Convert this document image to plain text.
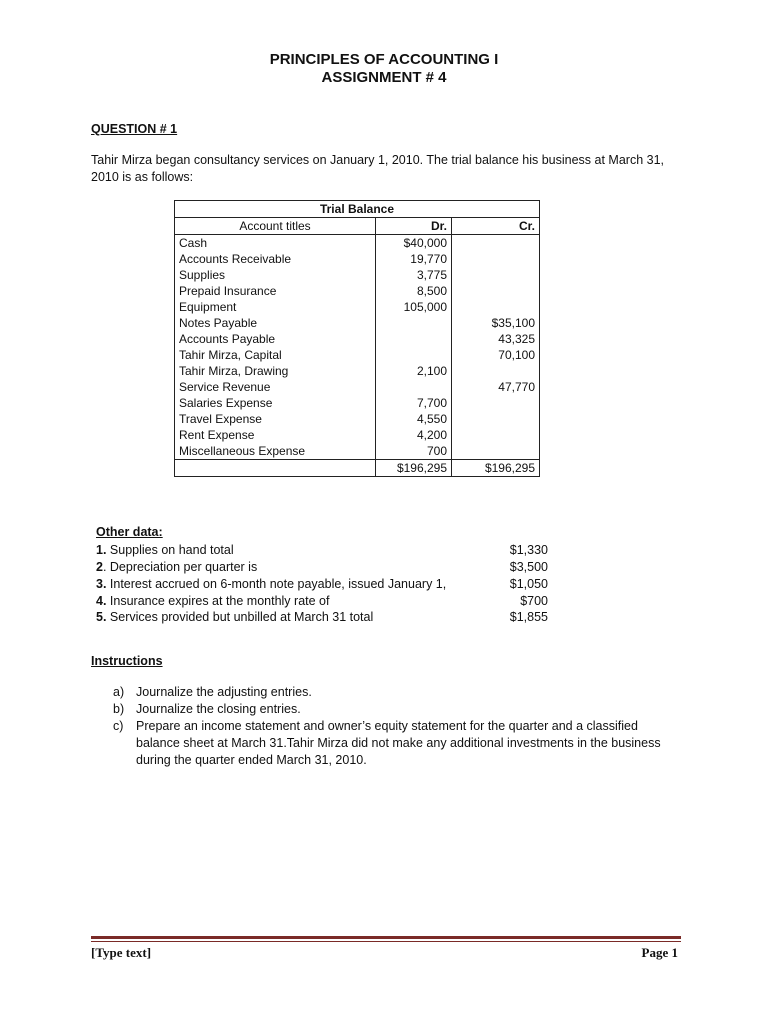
PRINCIPLES OF ACCOUNTING I
ASSIGNMENT # 4
QUESTION # 1
Tahir Mirza began consultancy services on January 1, 2010. The trial balance his business at March 31, 2010 is as follows:
Trial Balance		
Account titles	Dr.	Cr.
Cash	$40,000	
Accounts Receivable	19,770	
Supplies	3,775	
Prepaid Insurance	8,500	
Equipment	105,000	
Notes Payable		$35,100
Accounts Payable		43,325
Tahir Mirza, Capital		70,100
Tahir Mirza, Drawing	2,100	
Service Revenue		47,770
Salaries Expense	7,700	
Travel Expense	4,550	
Rent Expense	4,200	
Miscellaneous Expense	700	
	$196,295	$196,295
Other data:
1. Supplies on hand total	$1,330
2. Depreciation per quarter is	$3,500
3. Interest accrued on 6-month note payable, issued January 1,	$1,050
4. Insurance expires at the monthly rate of	$700
5. Services provided but unbilled at March 31 total	$1,855
Instructions
a) Journalize the adjusting entries.
b) Journalize the closing entries.
c) Prepare an income statement and owner’s equity statement for the quarter and a classified balance sheet at March 31.Tahir Mirza did not make any additional investments in the business during the quarter ended March 31, 2010.
[Type text]	Page 1
